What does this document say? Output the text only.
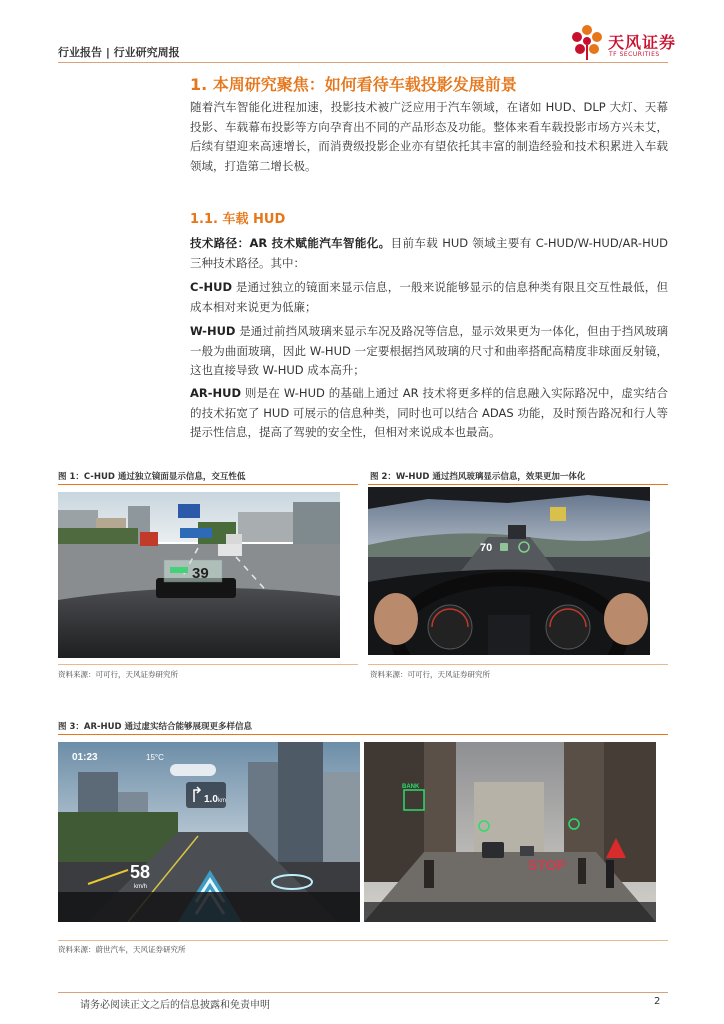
行业报告 | 行业研究周报
天风证券
TF SECURITIES
1. 本周研究聚焦：如何看待车载投影发展前景

随着汽车智能化进程加速，投影技术被广泛应用于汽车领域，在诸如 HUD、DLP 大灯、天幕投影、车载幕布投影等方向孕育出不同的产品形态及功能。整体来看车载投影市场方兴未艾，后续有望迎来高速增长，而消费级投影企业亦有望依托其丰富的制造经验和技术积累进入车载领域，打造第二增长极。

1.1. 车载 HUD

技术路径：AR 技术赋能汽车智能化。目前车载 HUD 领域主要有 C-HUD/W-HUD/AR-HUD 三种技术路径。其中：

C-HUD 是通过独立的镜面来显示信息，一般来说能够显示的信息种类有限且交互性最低，但成本相对来说更为低廉；

W-HUD 是通过前挡风玻璃来显示车况及路况等信息，显示效果更为一体化，但由于挡风玻璃一般为曲面玻璃，因此 W-HUD 一定要根据挡风玻璃的尺寸和曲率搭配高精度非球面反射镜，这也直接导致 W-HUD 成本高升；

AR-HUD 则是在 W-HUD 的基础上通过 AR 技术将更多样的信息融入实际路况中，虚实结合的技术拓宽了 HUD 可展示的信息种类，同时也可以结合 ADAS 功能，及时预告路况和行人等提示性信息，提高了驾驶的安全性，但相对来说成本也最高。

图 1：C-HUD 通过独立镜面显示信息，交互性低
39
资料来源：可可行，天风证券研究所
图 2：W-HUD 通过挡风玻璃显示信息，效果更加一体化
70
资料来源：可可行，天风证券研究所
图 3：AR-HUD 通过虚实结合能够展现更多样信息
01:23	15°C
1.0 km
58
km/h
BANK
STOP
资料来源：蔚世汽车，天风证券研究所
请务必阅读正文之后的信息披露和免责申明	2
